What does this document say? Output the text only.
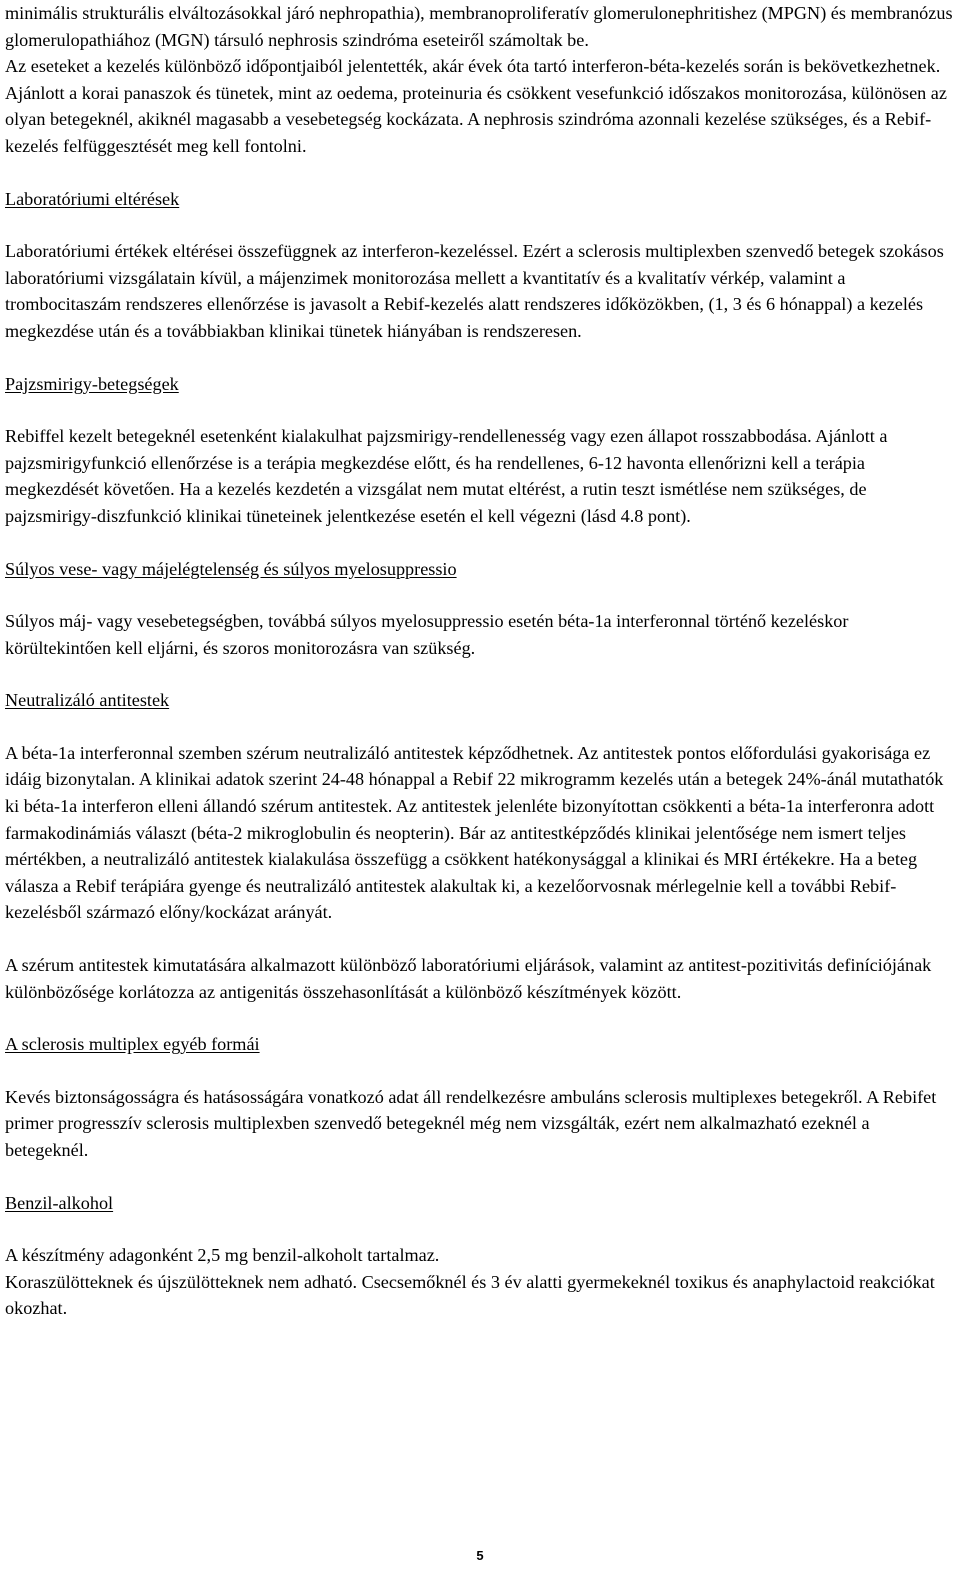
minimális strukturális elváltozásokkal járó nephropathia), membranoproliferatív glomerulonephritishez (MPGN) és membranózus glomerulopathiához (MGN) társuló nephrosis szindróma eseteiről számoltak be.

Az eseteket a kezelés különböző időpontjaiból jelentették, akár évek óta tartó interferon-béta-kezelés során is bekövetkezhetnek. Ajánlott a korai panaszok és tünetek, mint az oedema, proteinuria és csökkent vesefunkció időszakos monitorozása, különösen az olyan betegeknél, akiknél magasabb a vesebetegség kockázata. A nephrosis szindróma azonnali kezelése szükséges, és a Rebif-kezelés felfüggesztését meg kell fontolni.

Laboratóriumi eltérések

Laboratóriumi értékek eltérései összefüggnek az interferon-kezeléssel. Ezért a sclerosis multiplexben szenvedő betegek szokásos laboratóriumi vizsgálatain kívül, a májenzimek monitorozása mellett a kvantitatív és a kvalitatív vérkép, valamint a trombocitaszám rendszeres ellenőrzése is javasolt a Rebif-kezelés alatt rendszeres időközökben, (1, 3 és 6 hónappal) a kezelés megkezdése után és a továbbiakban klinikai tünetek hiányában is rendszeresen.

Pajzsmirigy-betegségek

Rebiffel kezelt betegeknél esetenként kialakulhat pajzsmirigy-rendellenesség vagy ezen állapot rosszabbodása. Ajánlott a pajzsmirigyfunkció ellenőrzése is a terápia megkezdése előtt, és ha rendellenes, 6-12 havonta ellenőrizni kell a terápia megkezdését követően. Ha a kezelés kezdetén a vizsgálat nem mutat eltérést, a rutin teszt ismétlése nem szükséges, de pajzsmirigy-diszfunkció klinikai tüneteinek jelentkezése esetén el kell végezni (lásd 4.8 pont).

Súlyos vese- vagy májelégtelenség és súlyos myelosuppressio

Súlyos máj- vagy vesebetegségben, továbbá súlyos myelosuppressio esetén béta-1a interferonnal történő kezeléskor körültekintően kell eljárni, és szoros monitorozásra van szükség.

Neutralizáló antitestek

A béta-1a interferonnal szemben szérum neutralizáló antitestek képződhetnek. Az antitestek pontos előfordulási gyakorisága ez idáig bizonytalan. A klinikai adatok szerint 24-48 hónappal a Rebif 22 mikrogramm kezelés után a betegek 24%-ánál mutathatók ki béta-1a interferon elleni állandó szérum antitestek. Az antitestek jelenléte bizonyítottan csökkenti a béta-1a interferonra adott farmakodinámiás választ (béta-2 mikroglobulin és neopterin). Bár az antitestképződés klinikai jelentősége nem ismert teljes mértékben, a neutralizáló antitestek kialakulása összefügg a csökkent hatékonysággal a klinikai és MRI értékekre. Ha a beteg válasza a Rebif terápiára gyenge és neutralizáló antitestek alakultak ki, a kezelőorvosnak mérlegelnie kell a további Rebif-kezelésből származó előny/kockázat arányát.

A szérum antitestek kimutatására alkalmazott különböző laboratóriumi eljárások, valamint az antitest-pozitivitás definíciójának különbözősége korlátozza az antigenitás összehasonlítását a különböző készítmények között.

A sclerosis multiplex egyéb formái

Kevés biztonságosságra és hatásosságára vonatkozó adat áll rendelkezésre ambuláns sclerosis multiplexes betegekről. A Rebifet primer progresszív sclerosis multiplexben szenvedő betegeknél még nem vizsgálták, ezért nem alkalmazható ezeknél a betegeknél.

Benzil-alkohol

A készítmény adagonként 2,5 mg benzil-alkoholt tartalmaz.

Koraszülötteknek és újszülötteknek nem adható. Csecsemőknél és 3 év alatti gyermekeknél toxikus és anaphylactoid reakciókat okozhat.

5
